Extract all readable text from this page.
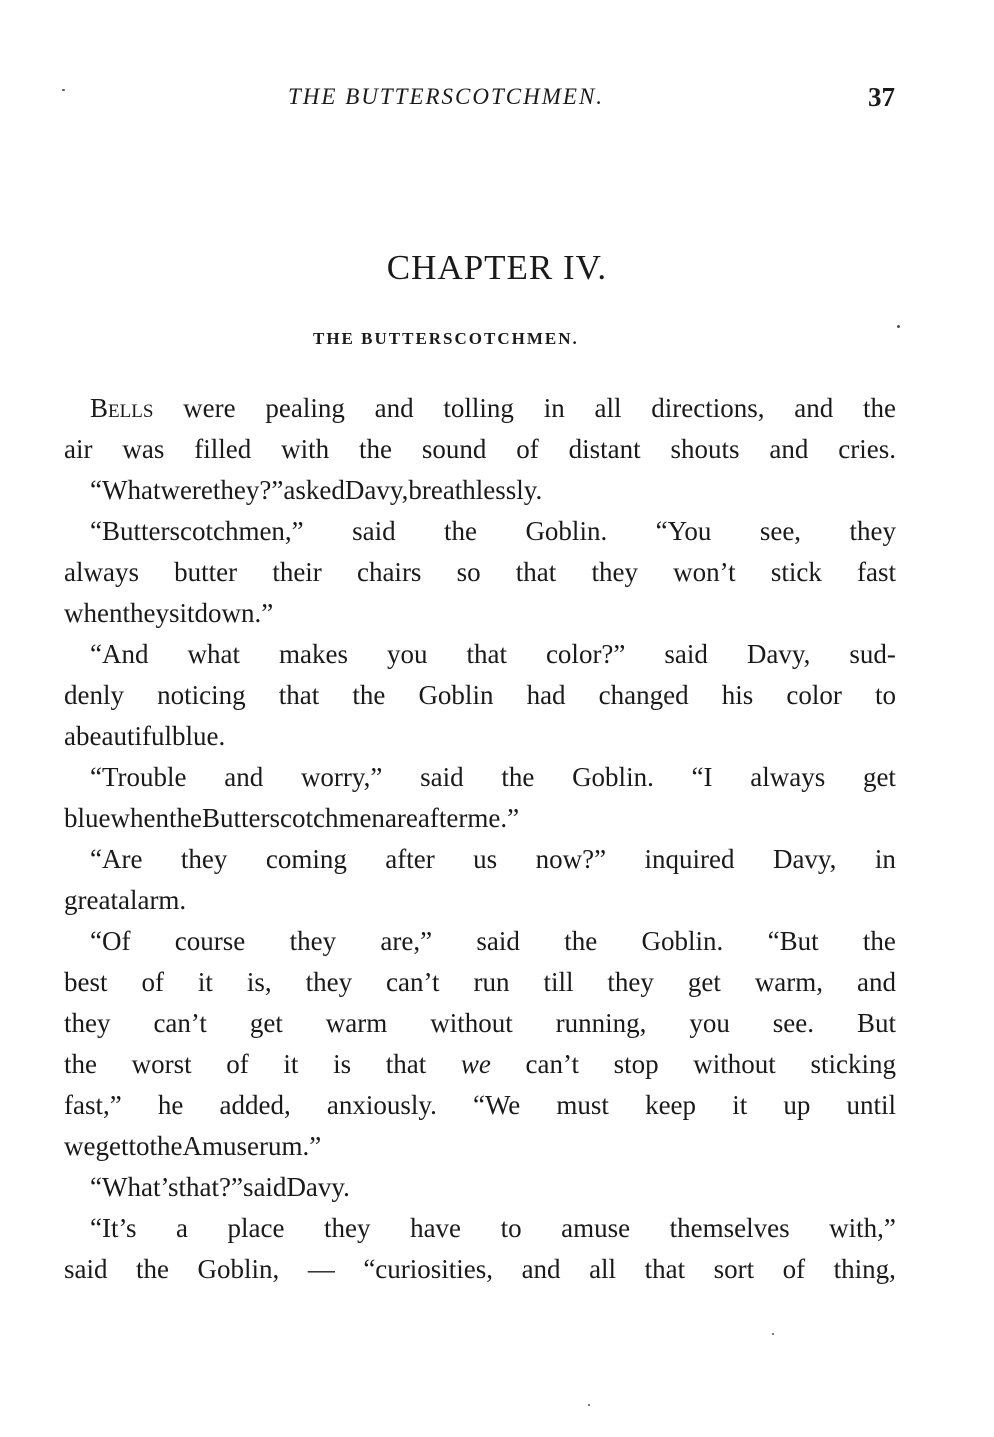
THE BUTTERSCOTCHMEN.	37
CHAPTER IV.
THE BUTTERSCOTCHMEN.
Bells were pealing and tolling in all directions, and the
air was filled with the sound of distant shouts and cries.
“What were they?” asked Davy, breathlessly.
“Butterscotchmen,” said the Goblin. “You see, they
always butter their chairs so that they won’t stick fast
when they sit down.”
“And what makes you that color?” said Davy, sud-
denly noticing that the Goblin had changed his color to
a beautiful blue.
“Trouble and worry,” said the Goblin. “I always get
blue when the Butterscotchmen are after me.”
“Are they coming after us now?” inquired Davy, in
great alarm.
“Of course they are,” said the Goblin. “But the
best of it is, they can’t run till they get warm, and
they can’t get warm without running, you see. But
the worst of it is that we can’t stop without sticking
fast,” he added, anxiously. “We must keep it up until
we get to the Amuserum.”
“What’s that?” said Davy.
“It’s a place they have to amuse themselves with,”
said the Goblin, — “curiosities, and all that sort of thing,
